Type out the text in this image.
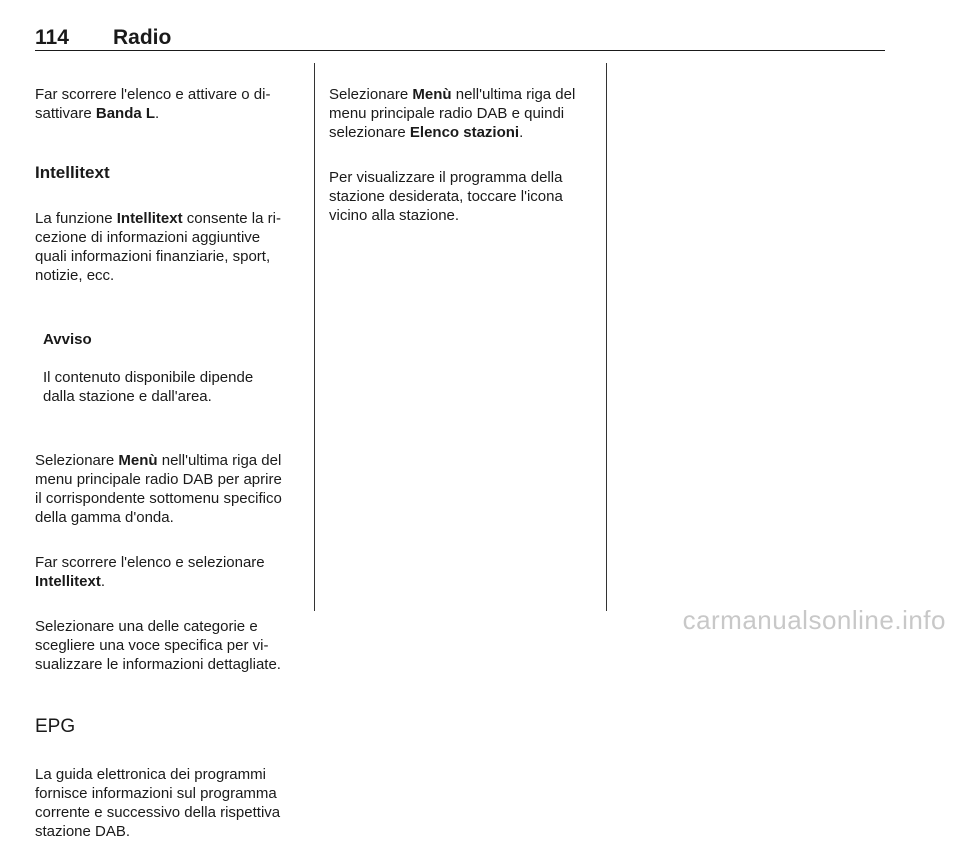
114 Radio

Far scorrere l'elenco e attivare o di-
sattivare Banda L.

Intellitext

La funzione Intellitext consente la ri-
cezione di informazioni aggiuntive
quali informazioni finanziarie, sport,
notizie, ecc.

Avviso

Il contenuto disponibile dipende
dalla stazione e dall'area.

Selezionare Menù nell'ultima riga del
menu principale radio DAB per aprire
il corrispondente sottomenu specifico
della gamma d'onda.

Far scorrere l'elenco e selezionare
Intellitext.

Selezionare una delle categorie e
scegliere una voce specifica per vi-
sualizzare le informazioni dettagliate.

EPG

La guida elettronica dei programmi
fornisce informazioni sul programma
corrente e successivo della rispettiva
stazione DAB.

Selezionare Menù nell'ultima riga del
menu principale radio DAB e quindi
selezionare Elenco stazioni.

Per visualizzare il programma della
stazione desiderata, toccare l'icona
vicino alla stazione.

carmanualsonline.info
